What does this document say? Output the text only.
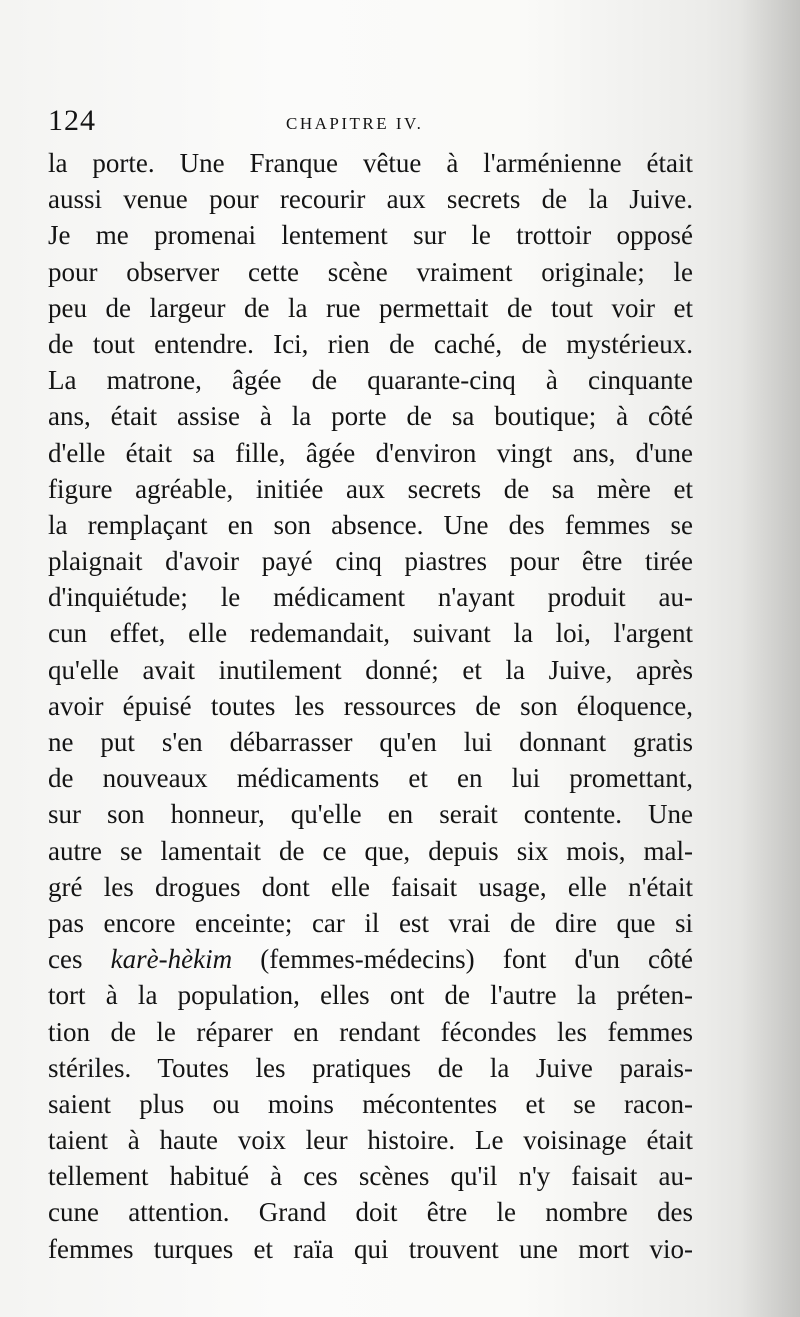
124	CHAPITRE IV.
la porte. Une Franque vêtue à l'arménienne était
aussi venue pour recourir aux secrets de la Juive.
Je me promenai lentement sur le trottoir opposé
pour observer cette scène vraiment originale; le
peu de largeur de la rue permettait de tout voir et
de tout entendre. Ici, rien de caché, de mystérieux.
La matrone, âgée de quarante-cinq à cinquante
ans, était assise à la porte de sa boutique; à côté
d'elle était sa fille, âgée d'environ vingt ans, d'une
figure agréable, initiée aux secrets de sa mère et
la remplaçant en son absence. Une des femmes se
plaignait d'avoir payé cinq piastres pour être tirée
d'inquiétude; le médicament n'ayant produit au-
cun effet, elle redemandait, suivant la loi, l'argent
qu'elle avait inutilement donné; et la Juive, après
avoir épuisé toutes les ressources de son éloquence,
ne put s'en débarrasser qu'en lui donnant gratis
de nouveaux médicaments et en lui promettant,
sur son honneur, qu'elle en serait contente. Une
autre se lamentait de ce que, depuis six mois, mal-
gré les drogues dont elle faisait usage, elle n'était
pas encore enceinte; car il est vrai de dire que si
ces karè-hèkim (femmes-médecins) font d'un côté
tort à la population, elles ont de l'autre la préten-
tion de le réparer en rendant fécondes les femmes
stériles. Toutes les pratiques de la Juive parais-
saient plus ou moins mécontentes et se racon-
taient à haute voix leur histoire. Le voisinage était
tellement habitué à ces scènes qu'il n'y faisait au-
cune attention. Grand doit être le nombre des
femmes turques et raïa qui trouvent une mort vio-
